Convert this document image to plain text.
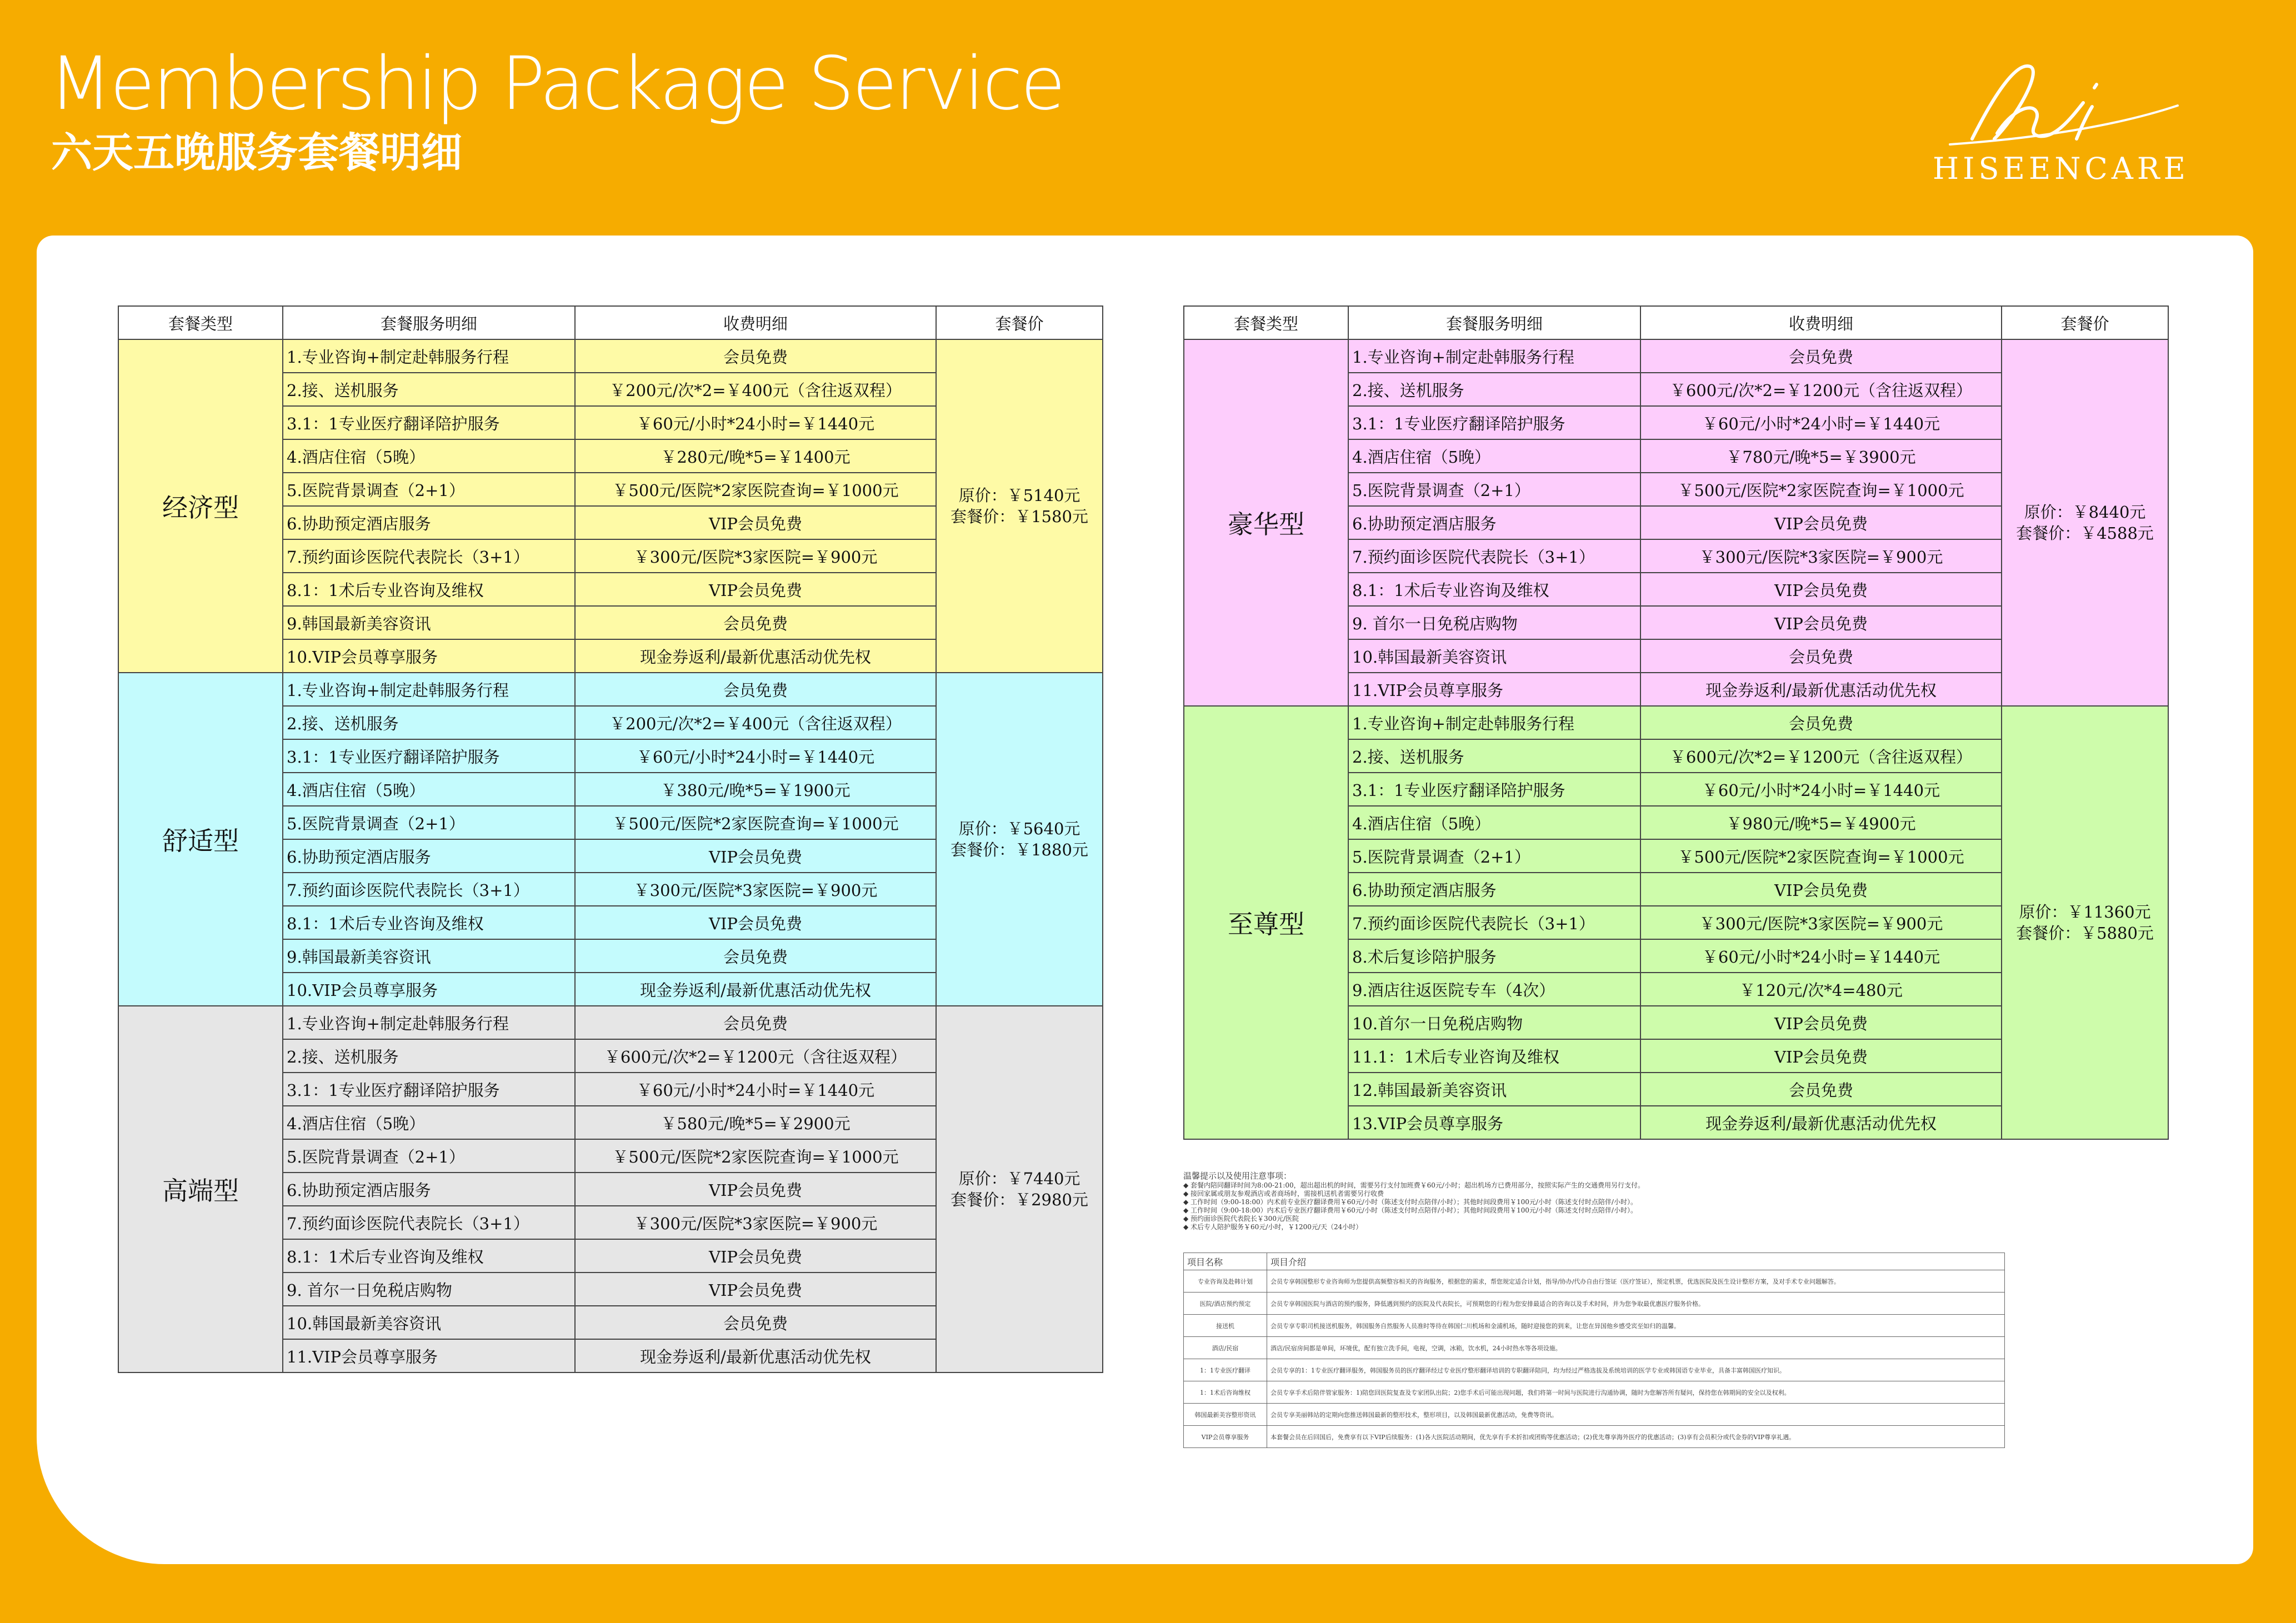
Membership Package Service
六天五晚服务套餐明细	HISEENCARE
套餐类型	套餐服务明细	收费明细	套餐价
经济型	1.专业咨询+制定赴韩服务行程	会员免费	原价：￥5140元
套餐价：￥1580元

	2.接、送机服务	￥200元/次*2=￥400元（含往返双程）	
	3.1：1专业医疗翻译陪护服务	￥60元/小时*24小时=￥1440元	
	4.酒店住宿（5晚）	￥280元/晚*5=￥1400元	
	5.医院背景调查（2+1）	￥500元/医院*2家医院查询=￥1000元	
	6.协助预定酒店服务	VIP会员免费	
	7.预约面诊医院代表院长（3+1）	￥300元/医院*3家医院=￥900元	
	8.1：1术后专业咨询及维权	VIP会员免费	
	9.韩国最新美容资讯	会员免费	
	10.VIP会员尊享服务	现金券返利/最新优惠活动优先权	
舒适型	1.专业咨询+制定赴韩服务行程	会员免费	原价：￥5640元
套餐价：￥1880元

	2.接、送机服务	￥200元/次*2=￥400元（含往返双程）	
	3.1：1专业医疗翻译陪护服务	￥60元/小时*24小时=￥1440元	
	4.酒店住宿（5晚）	￥380元/晚*5=￥1900元	
	5.医院背景调查（2+1）	￥500元/医院*2家医院查询=￥1000元	
	6.协助预定酒店服务	VIP会员免费	
	7.预约面诊医院代表院长（3+1）	￥300元/医院*3家医院=￥900元	
	8.1：1术后专业咨询及维权	VIP会员免费	
	9.韩国最新美容资讯	会员免费	
	10.VIP会员尊享服务	现金券返利/最新优惠活动优先权	
高端型	1.专业咨询+制定赴韩服务行程	会员免费	原价：￥7440元
套餐价：￥2980元

	2.接、送机服务	￥600元/次*2=￥1200元（含往返双程）	
	3.1：1专业医疗翻译陪护服务	￥60元/小时*24小时=￥1440元	
	4.酒店住宿（5晚）	￥580元/晚*5=￥2900元	
	5.医院背景调查（2+1）	￥500元/医院*2家医院查询=￥1000元	
	6.协助预定酒店服务	VIP会员免费	
	7.预约面诊医院代表院长（3+1）	￥300元/医院*3家医院=￥900元	
	8.1：1术后专业咨询及维权	VIP会员免费	
	9. 首尔一日免税店购物	VIP会员免费	
	10.韩国最新美容资讯	会员免费	
	11.VIP会员尊享服务	现金券返利/最新优惠活动优先权	
套餐类型	套餐服务明细	收费明细	套餐价
豪华型	1.专业咨询+制定赴韩服务行程	会员免费	原价：￥8440元
套餐价：￥4588元

	2.接、送机服务	￥600元/次*2=￥1200元（含往返双程）	
	3.1：1专业医疗翻译陪护服务	￥60元/小时*24小时=￥1440元	
	4.酒店住宿（5晚）	￥780元/晚*5=￥3900元	
	5.医院背景调查（2+1）	￥500元/医院*2家医院查询=￥1000元	
	6.协助预定酒店服务	VIP会员免费	
	7.预约面诊医院代表院长（3+1）	￥300元/医院*3家医院=￥900元	
	8.1：1术后专业咨询及维权	VIP会员免费	
	9. 首尔一日免税店购物	VIP会员免费	
	10.韩国最新美容资讯	会员免费	
	11.VIP会员尊享服务	现金券返利/最新优惠活动优先权	
至尊型	1.专业咨询+制定赴韩服务行程	会员免费	原价：￥11360元
套餐价：￥5880元

	2.接、送机服务	￥600元/次*2=￥1200元（含往返双程）	
	3.1：1专业医疗翻译陪护服务	￥60元/小时*24小时=￥1440元	
	4.酒店住宿（5晚）	￥980元/晚*5=￥4900元	
	5.医院背景调查（2+1）	￥500元/医院*2家医院查询=￥1000元	
	6.协助预定酒店服务	VIP会员免费	
	7.预约面诊医院代表院长（3+1）	￥300元/医院*3家医院=￥900元	
	8.术后复诊陪护服务	￥60元/小时*24小时=￥1440元	
	9.酒店往返医院专车（4次）	￥120元/次*4=480元	
	10.首尔一日免税店购物	VIP会员免费	
	11.1：1术后专业咨询及维权	VIP会员免费	
	12.韩国最新美容资讯	会员免费	
	13.VIP会员尊享服务	现金券返利/最新优惠活动优先权	
温馨提示以及使用注意事项：
◆ 套餐内陪同翻译时间为8:00-21:00，超出超出机的时间，需要另行支付加班费￥60元/小时；超出机场方已费用部分，按照实际产生的交通费用另行支付。
◆ 接回家属或朋友参观酒店或者商场时，需接机送机者需要另行收费
◆ 工作时间（9:00-18:00）内术前专业医疗翻译费用￥60元/小时（陈述支付时点陪伴/小时）；其他时间段费用￥100元/小时（陈述支付时点陪伴/小时）。
◆ 工作时间（9:00-18:00）内术后专业医疗翻译费用￥60元/小时（陈述支付时点陪伴/小时）；其他时间段费用￥100元/小时（陈述支付时点陪伴/小时）。
◆ 预约面诊医院代表院长￥300元/医院
◆ 术后专人陪护服务￥60元/小时，￥1200元/天（24小时）
项目名称	项目介绍
专业咨询及赴韩计划	会员专享韩国整形专业咨询师为您提供高频整容相关的咨询服务，根据您的需求，帮您规定适合计划，指导/协办/代办自由行签证（医疗签证），预定机票，优选医院及医生设计整形方案，及对手术专业问题解答。
医院/酒店预约预定	会员专享韩国医院与酒店的预约服务，降低遇到预约的医院及代表院长，可预期您的行程为您安排最适合的咨询以及手术时间，并为您争取最优惠医疗服务价格。
接送机	会员专享专职司机接送机服务，韩国服务自然服务人员准时等待在韩国仁川机场和金浦机场，随时迎接您的到来，让您在异国他乡感受宾至如归的温馨。
酒店/民宿	酒店/民宿房间都是单间，环境优，配有独立洗手间，电视，空调，冰箱，饮水机，24小时热水等各项设施。
1：1专业医疗翻译	会员专享的1：1专业医疗翻译服务，韩国服务员的医疗翻译经过专业医疗整形翻译培训的专职翻译陪同，均为经过严格选拔及系统培训的医学专业或韩国语专业毕业，具备丰富韩国医疗知识。
1：1术后咨询维权	会员专享手术后陪伴管家服务：1)陪您回医院复查及专家团队出院；2)您手术后可能出现问题，我们将第一时间与医院进行沟通协调，随时为您解答所有疑问，保持您在韩期间的安全以及权利。
韩国最新美容整形资讯	会员专享美丽韩站的定期向您推送韩国最新的整形技术，整形项目，以及韩国最新优惠活动，免费等资讯。
VIP会员尊享服务	本套餐会员在后回国后，免费享有以下VIP后续服务：(1)各大医院活动期间，优先享有手术折扣或团购等优惠活动；(2)优先尊享海外医疗的优惠活动；(3)享有会员积分或代金券的VIP尊享礼遇。
